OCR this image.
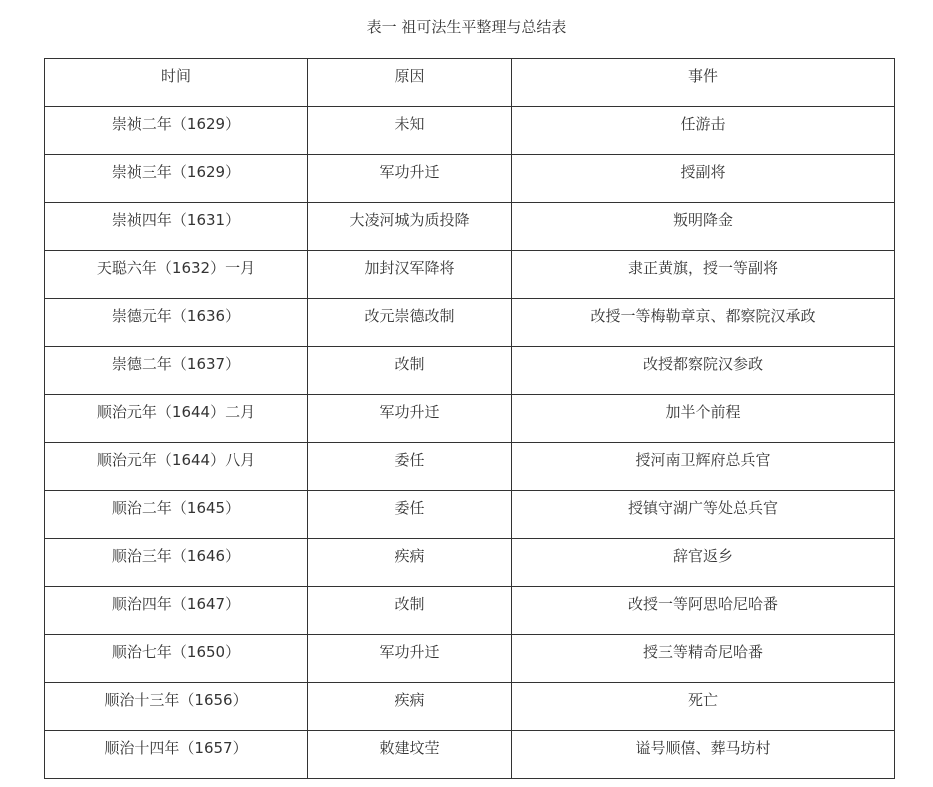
表一 祖可法生平整理与总结表
时间	原因	事件

崇祯二年（1629）	未知	任游击

崇祯三年（1629）	军功升迁	授副将

崇祯四年（1631）	大凌河城为质投降	叛明降金

天聪六年（1632）一月	加封汉军降将	隶正黄旗，授一等副将

崇德元年（1636）	改元崇德改制	改授一等梅勒章京、都察院汉承政

崇德二年（1637）	改制	改授都察院汉参政

顺治元年（1644）二月	军功升迁	加半个前程

顺治元年（1644）八月	委任	授河南卫辉府总兵官

顺治二年（1645）	委任	授镇守湖广等处总兵官

顺治三年（1646）	疾病	辞官返乡

顺治四年（1647）	改制	改授一等阿思哈尼哈番

顺治七年（1650）	军功升迁	授三等精奇尼哈番

顺治十三年（1656）	疾病	死亡

顺治十四年（1657）	敕建坟茔	谥号顺僖、葬马坊村
